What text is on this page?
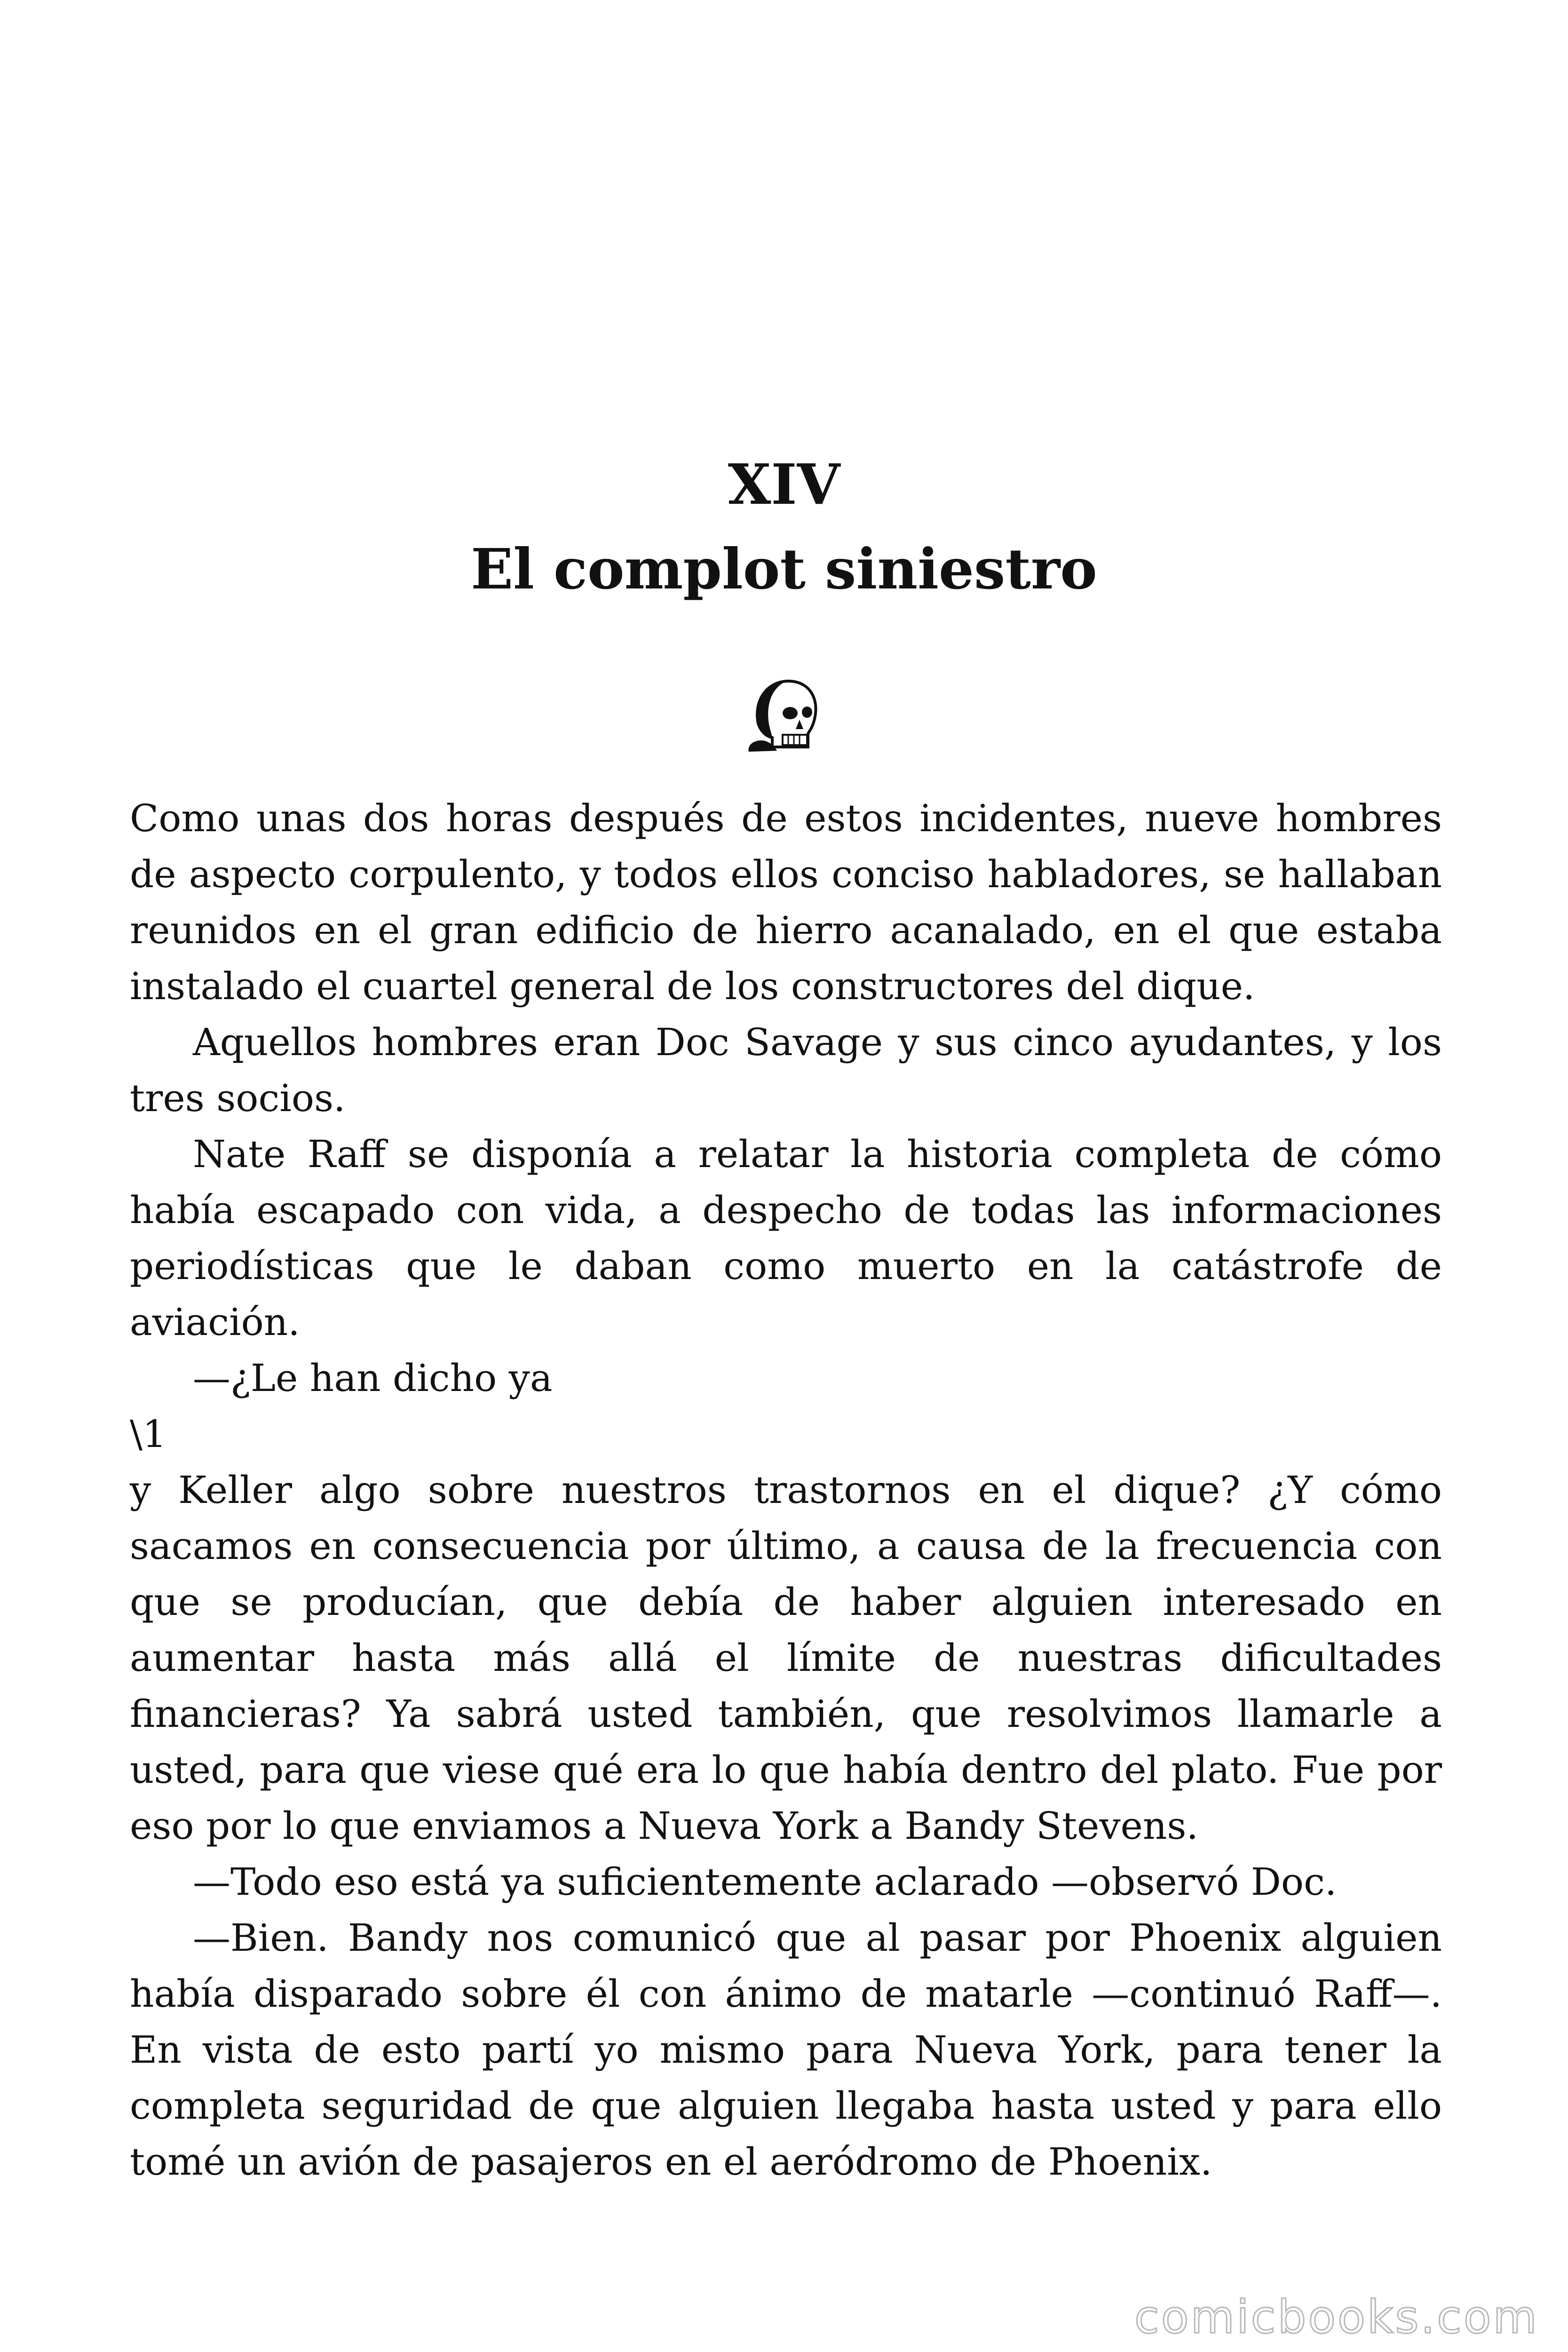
XIV
El complot siniestro

Como unas dos horas después de estos incidentes, nueve hombres de aspecto corpulento, y todos ellos conciso habladores, se hallaban reunidos en el gran edificio de hierro acanalado, en el que estaba instalado el cuartel general de los constructores del dique.

Aquellos hombres eran Doc Savage y sus cinco ayudantes, y los tres socios.

Nate Raff se disponía a relatar la historia completa de cómo había escapado con vida, a despecho de todas las informaciones periodísticas que le daban como muerto en la catástrofe de aviación.

—¿Le han dicho ya

\1

y Keller algo sobre nuestros trastornos en el dique? ¿Y cómo sacamos en consecuencia por último, a causa de la frecuencia con que se producían, que debía de haber alguien interesado en aumentar hasta más allá el límite de nuestras dificultades financieras? Ya sabrá usted también, que resolvimos llamarle a usted, para que viese qué era lo que había dentro del plato. Fue por eso por lo que enviamos a Nueva York a Bandy Stevens.

—Todo eso está ya suficientemente aclarado —observó Doc.

—Bien. Bandy nos comunicó que al pasar por Phoenix alguien había disparado sobre él con ánimo de matarle —continuó Raff—. En vista de esto partí yo mismo para Nueva York, para tener la completa seguridad de que alguien llegaba hasta usted y para ello tomé un avión de pasajeros en el aeródromo de Phoenix.

comicbooks.com
